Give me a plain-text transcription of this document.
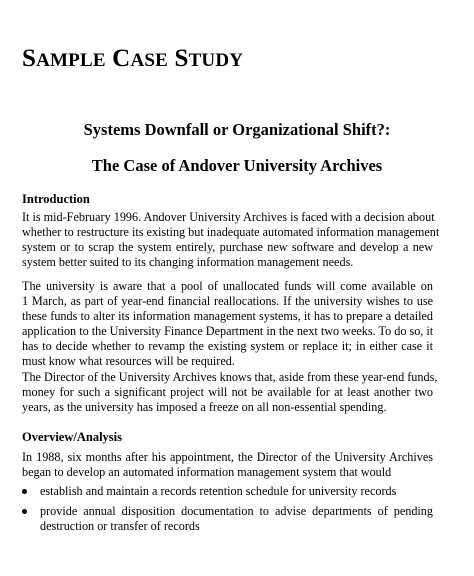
SAMPLE CASE STUDY
Systems Downfall or Organizational Shift?:
The Case of Andover University Archives
Introduction

It is mid-February 1996. Andover University Archives is faced with a decision about
whether to restructure its existing but inadequate automated information management
system or to scrap the system entirely, purchase new software and develop a new
system better suited to its changing information management needs.

The university is aware that a pool of unallocated funds will come available on
1 March, as part of year-end financial reallocations. If the university wishes to use
these funds to alter its information management systems, it has to prepare a detailed
application to the University Finance Department in the next two weeks. To do so, it
has to decide whether to revamp the existing system or replace it; in either case it
must know what resources will be required.

The Director of the University Archives knows that, aside from these year-end funds,
money for such a significant project will not be available for at least another two
years, as the university has imposed a freeze on all non-essential spending.

Overview/Analysis

In 1988, six months after his appointment, the Director of the University Archives
began to develop an automated information management system that would

establish and maintain a records retention schedule for university records
provide annual disposition documentation to advise departments of pending
destruction or transfer of records
